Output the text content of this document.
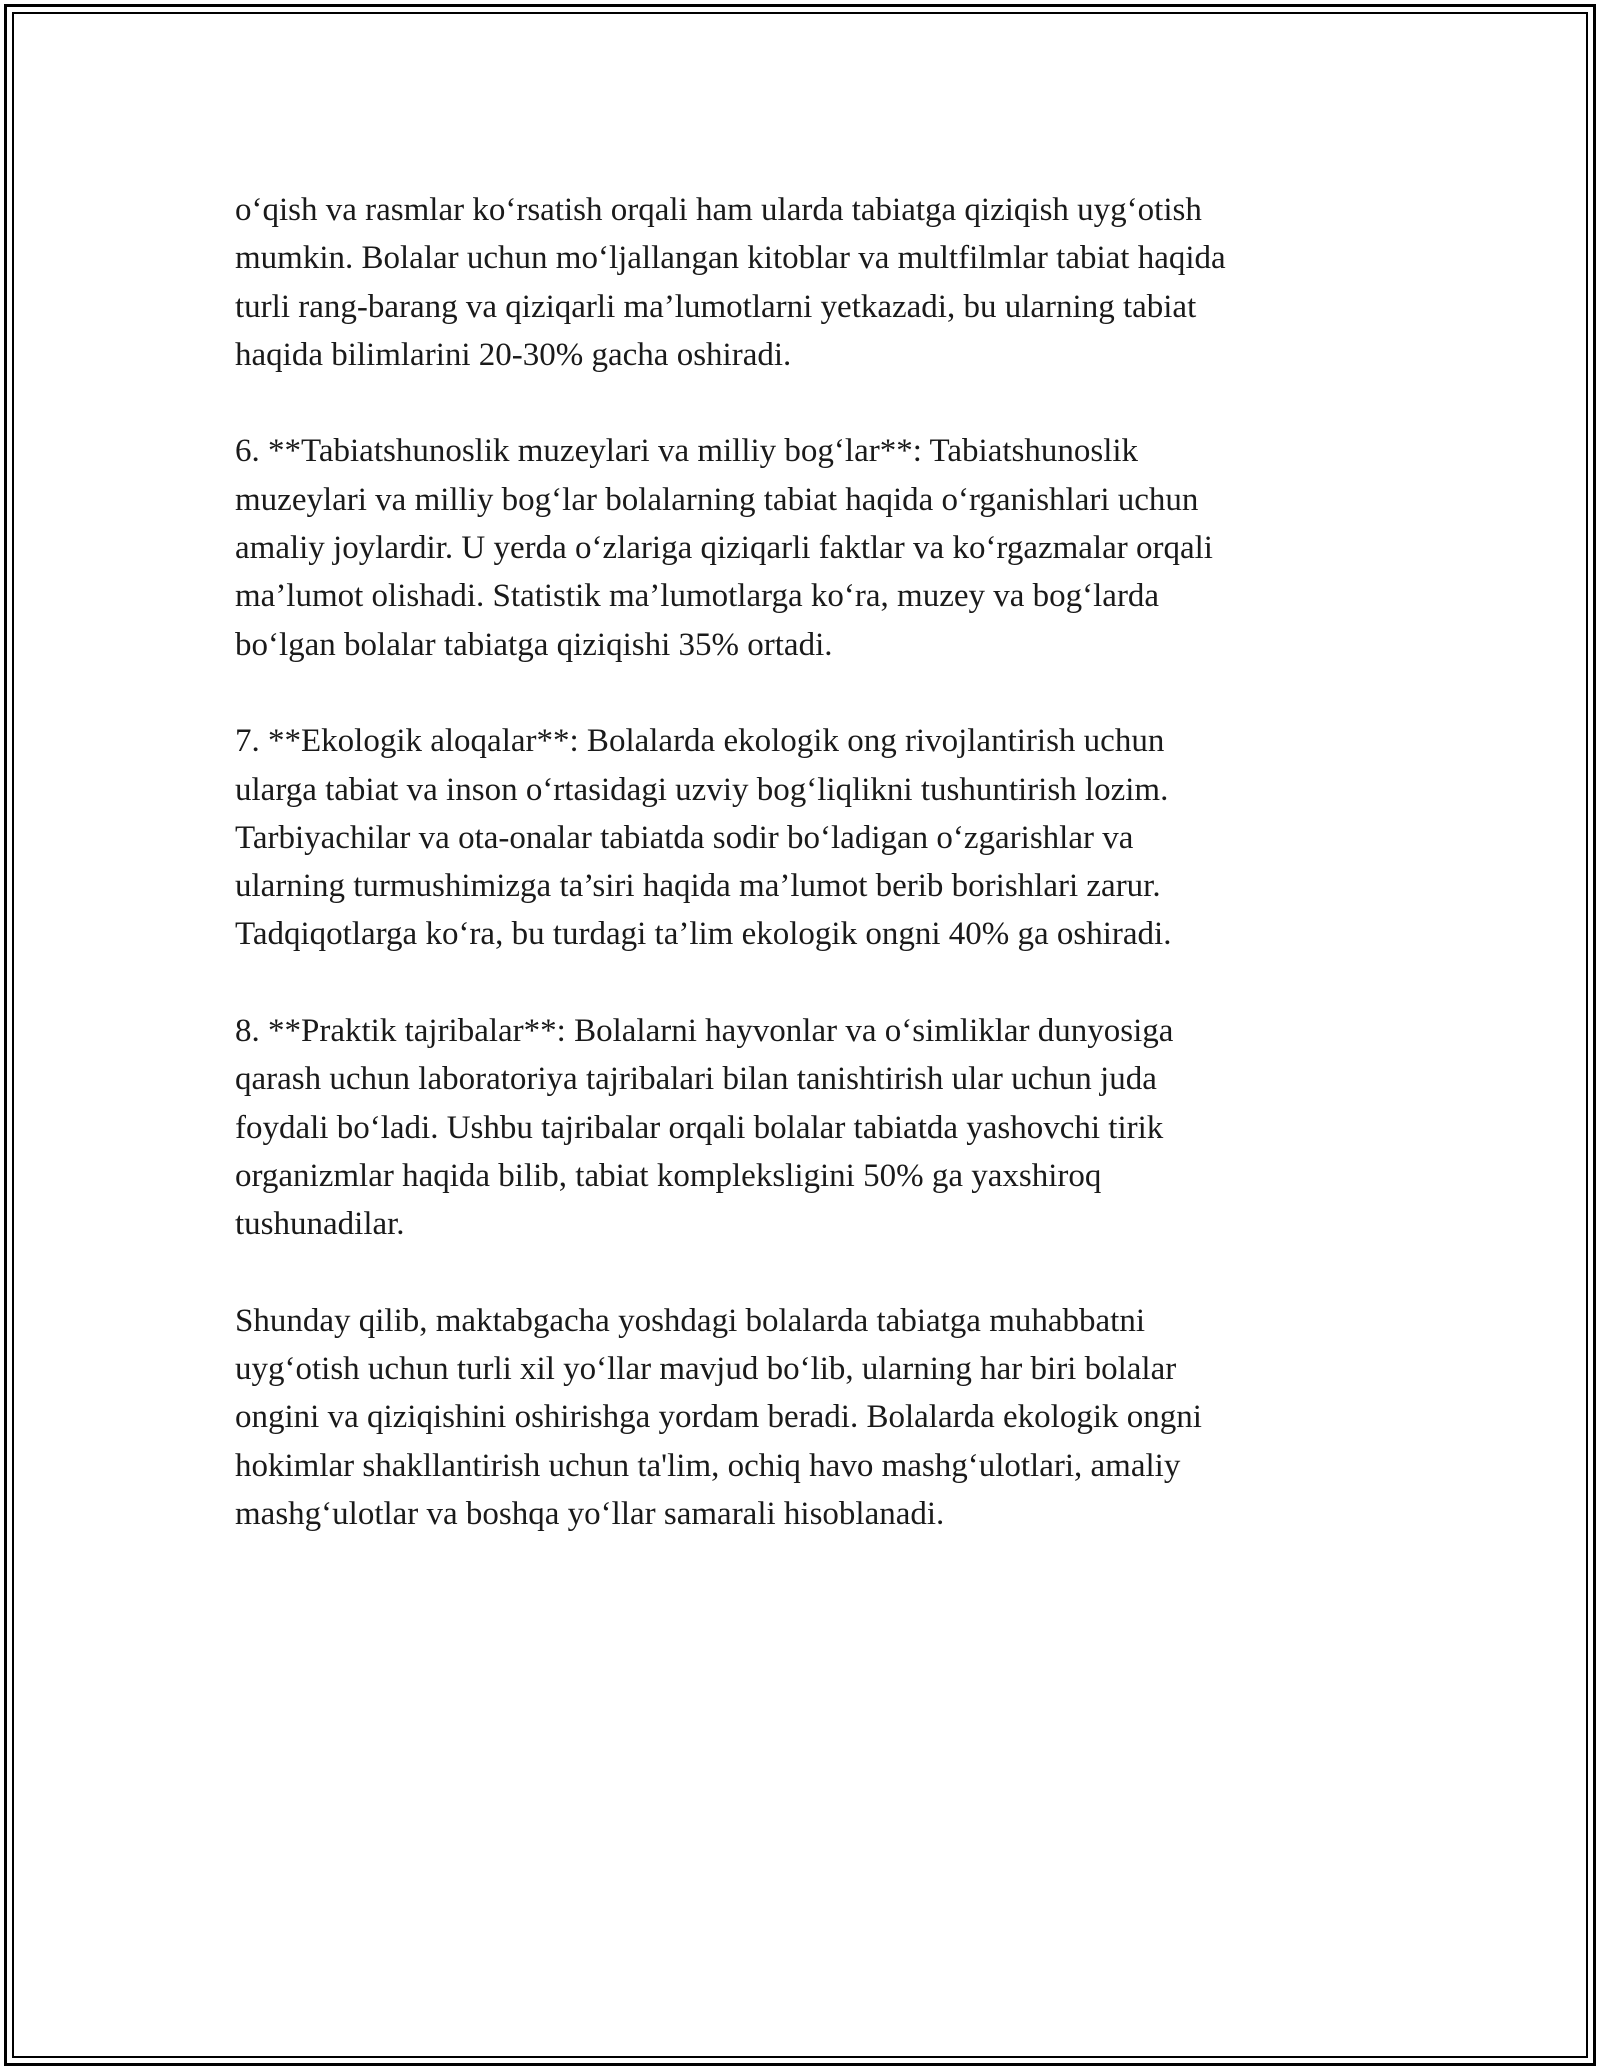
o‘qish va rasmlar ko‘rsatish orqali ham ularda tabiatga qiziqish uyg‘otish
mumkin. Bolalar uchun mo‘ljallangan kitoblar va multfilmlar tabiat haqida
turli rang-barang va qiziqarli ma’lumotlarni yetkazadi, bu ularning tabiat
haqida bilimlarini 20-30% gacha oshiradi.

6. **Tabiatshunoslik muzeylari va milliy bog‘lar**: Tabiatshunoslik
muzeylari va milliy bog‘lar bolalarning tabiat haqida o‘rganishlari uchun
amaliy joylardir. U yerda o‘zlariga qiziqarli faktlar va ko‘rgazmalar orqali
ma’lumot olishadi. Statistik ma’lumotlarga ko‘ra, muzey va bog‘larda
bo‘lgan bolalar tabiatga qiziqishi 35% ortadi.

7. **Ekologik aloqalar**: Bolalarda ekologik ong rivojlantirish uchun
ularga tabiat va inson o‘rtasidagi uzviy bog‘liqlikni tushuntirish lozim.
Tarbiyachilar va ota-onalar tabiatda sodir bo‘ladigan o‘zgarishlar va
ularning turmushimizga ta’siri haqida ma’lumot berib borishlari zarur.
Tadqiqotlarga ko‘ra, bu turdagi ta’lim ekologik ongni 40% ga oshiradi.

8. **Praktik tajribalar**: Bolalarni hayvonlar va o‘simliklar dunyosiga
qarash uchun laboratoriya tajribalari bilan tanishtirish ular uchun juda
foydali bo‘ladi. Ushbu tajribalar orqali bolalar tabiatda yashovchi tirik
organizmlar haqida bilib, tabiat kompleksligini 50% ga yaxshiroq
tushunadilar.

Shunday qilib, maktabgacha yoshdagi bolalarda tabiatga muhabbatni
uyg‘otish uchun turli xil yo‘llar mavjud bo‘lib, ularning har biri bolalar
ongini va qiziqishini oshirishga yordam beradi. Bolalarda ekologik ongni
hokimlar shakllantirish uchun ta'lim, ochiq havo mashg‘ulotlari, amaliy
mashg‘ulotlar va boshqa yo‘llar samarali hisoblanadi.
